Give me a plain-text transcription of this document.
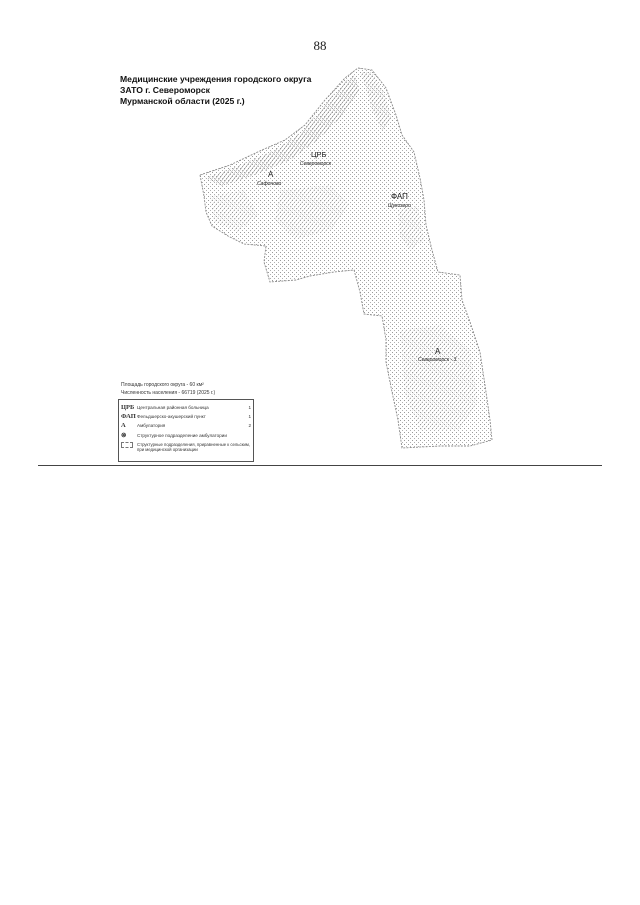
88
Медицинские учреждения городского округа
ЗАТО г. Североморск
Мурманской области (2025 г.)
ЦРБ
Североморск
ФАП
Щукозеро
А
Сафоново
А
Североморск - 3
Площадь городского округа - 60 км²
Численность населения - 66719 (2025 г.)
ЦРБ Центральная районная больница	1
ФАП Фельдшерско-акушерский пункт	1
А	Амбулатория	2
⊗	Структурное подразделение амбулатории
Структурные подразделения, приравненные к сельским, при медицинской организации
